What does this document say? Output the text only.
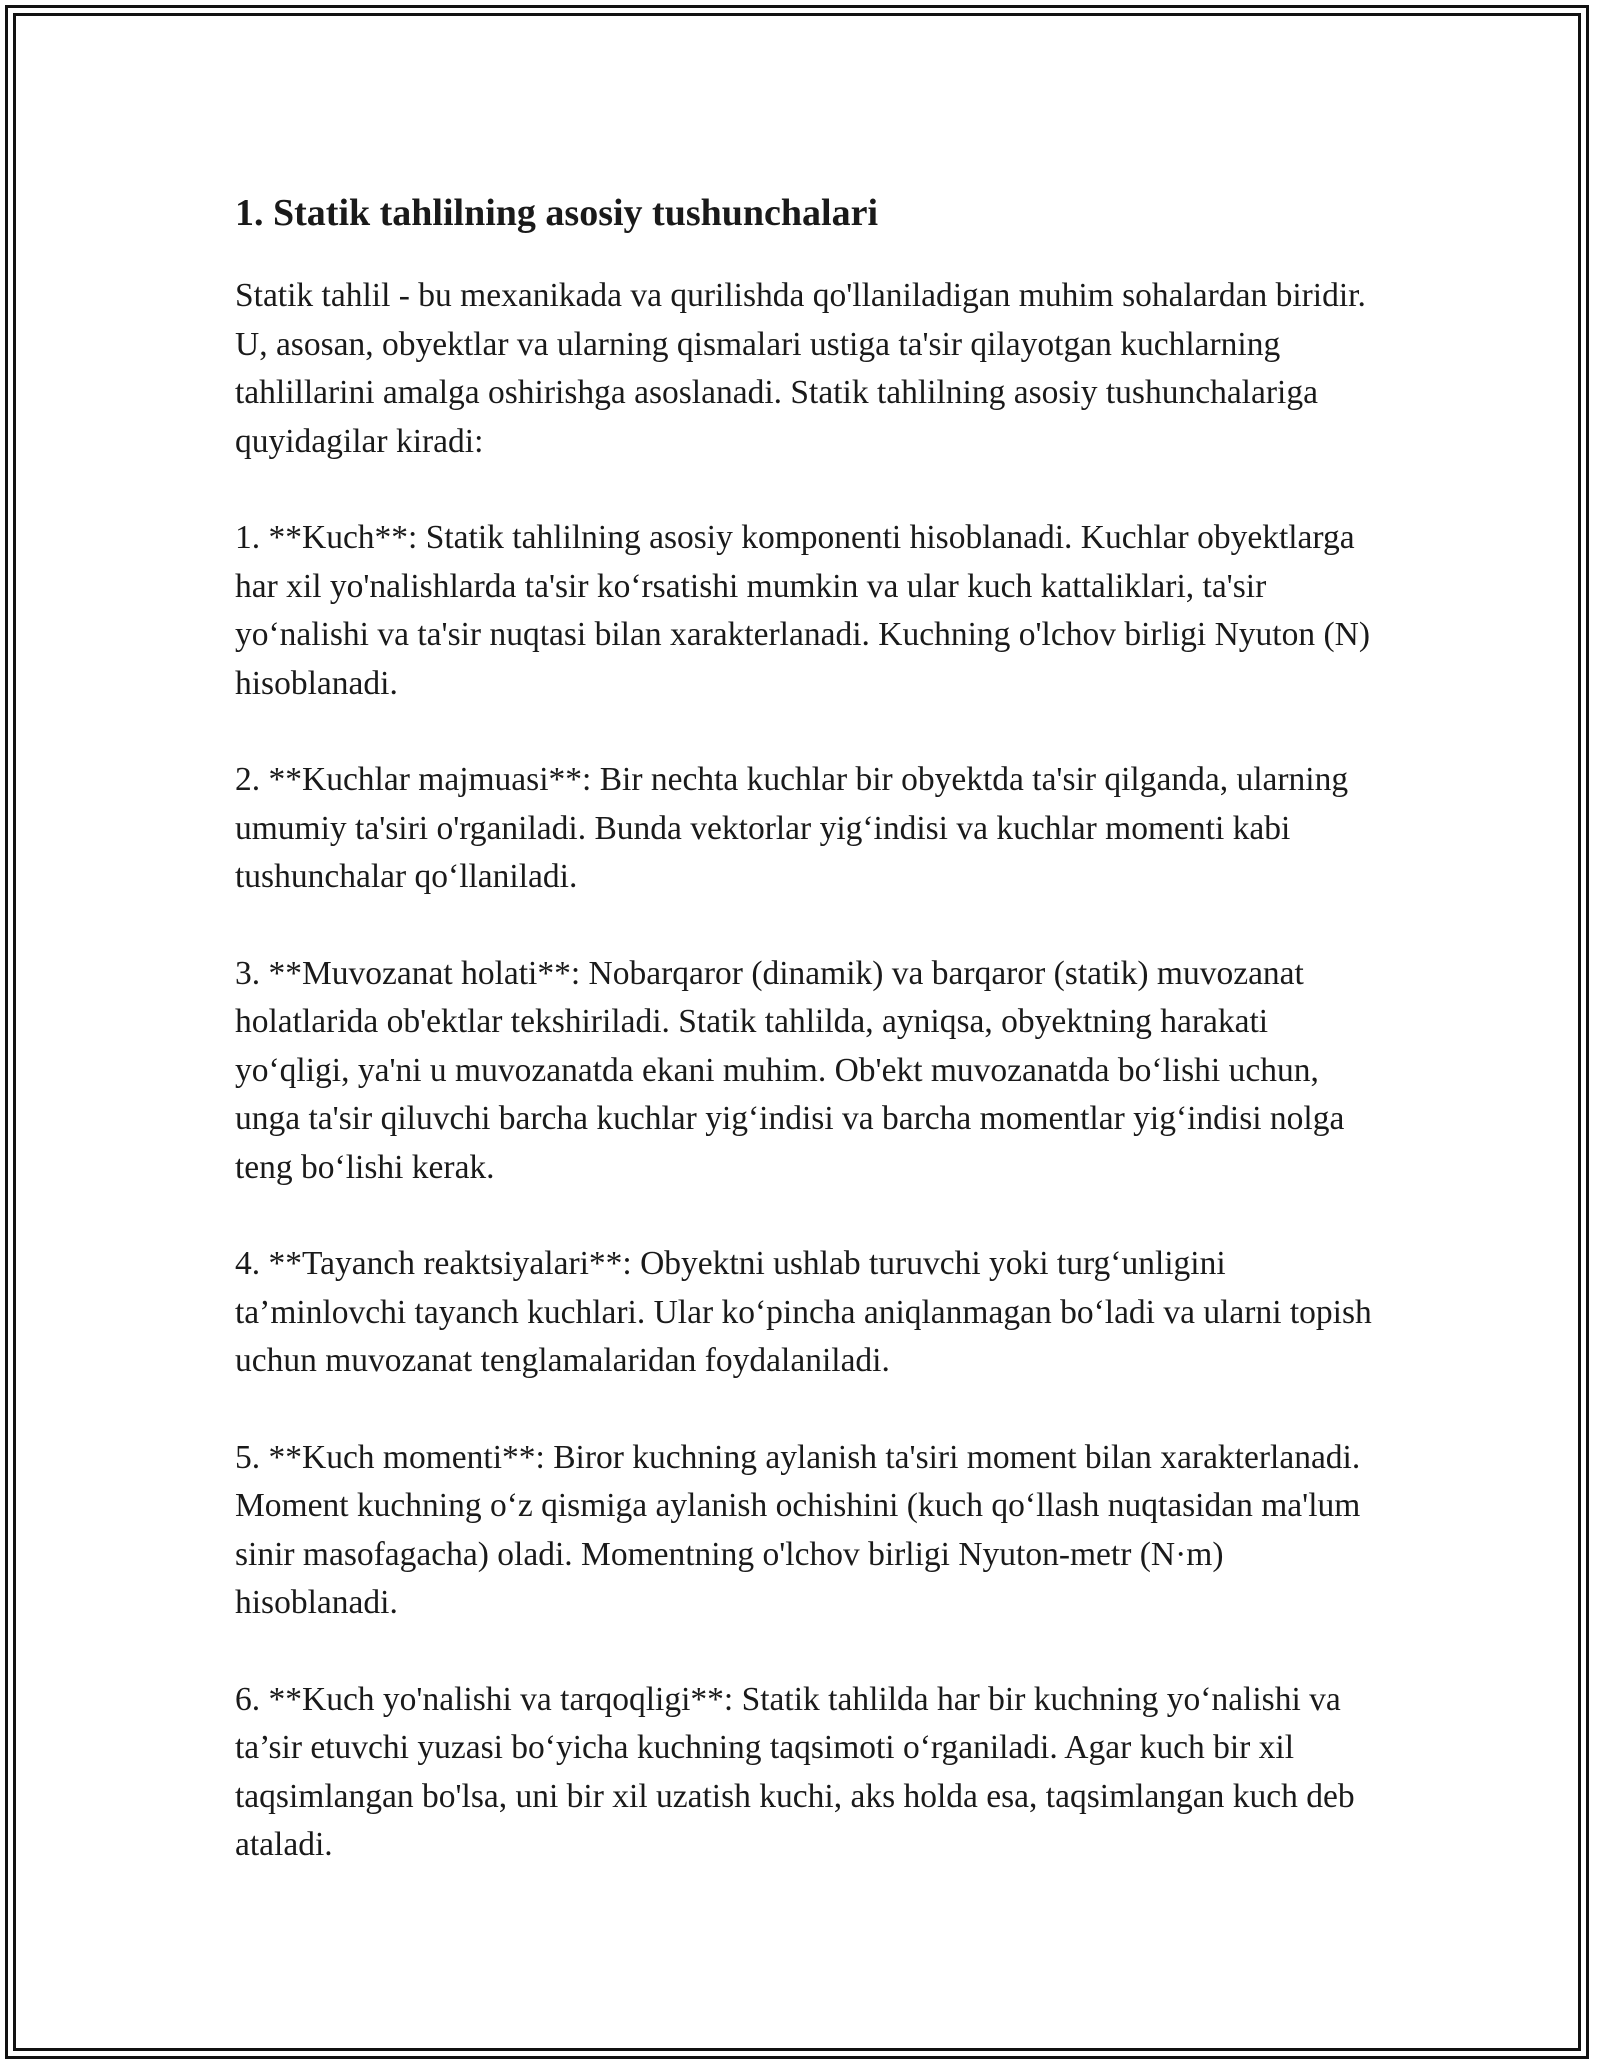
1. Statik tahlilning asosiy tushunchalari

Statik tahlil - bu mexanikada va qurilishda qo'llaniladigan muhim sohalardan biridir. U, asosan, obyektlar va ularning qismalari ustiga ta'sir qilayotgan kuchlarning tahlillarini amalga oshirishga asoslanadi. Statik tahlilning asosiy tushunchalariga quyidagilar kiradi:

1. **Kuch**: Statik tahlilning asosiy komponenti hisoblanadi. Kuchlar obyektlarga har xil yo'nalishlarda ta'sir ko‘rsatishi mumkin va ular kuch kattaliklari, ta'sir yo‘nalishi va ta'sir nuqtasi bilan xarakterlanadi. Kuchning o'lchov birligi Nyuton (N) hisoblanadi.

2. **Kuchlar majmuasi**: Bir nechta kuchlar bir obyektda ta'sir qilganda, ularning umumiy ta'siri o'rganiladi. Bunda vektorlar yig‘indisi va kuchlar momenti kabi tushunchalar qo‘llaniladi.

3. **Muvozanat holati**: Nobarqaror (dinamik) va barqaror (statik) muvozanat holatlarida ob'ektlar tekshiriladi. Statik tahlilda, ayniqsa, obyektning harakati yo‘qligi, ya'ni u muvozanatda ekani muhim. Ob'ekt muvozanatda bo‘lishi uchun, unga ta'sir qiluvchi barcha kuchlar yig‘indisi va barcha momentlar yig‘indisi nolga teng bo‘lishi kerak.

4. **Tayanch reaktsiyalari**: Obyektni ushlab turuvchi yoki turg‘unligini ta’minlovchi tayanch kuchlari. Ular ko‘pincha aniqlanmagan bo‘ladi va ularni topish uchun muvozanat tenglamalaridan foydalaniladi.

5. **Kuch momenti**: Biror kuchning aylanish ta'siri moment bilan xarakterlanadi. Moment kuchning o‘z qismiga aylanish ochishini (kuch qo‘llash nuqtasidan ma'lum sinir masofagacha) oladi. Momentning o'lchov birligi Nyuton-metr (N·m) hisoblanadi.

6. **Kuch yo'nalishi va tarqoqligi**: Statik tahlilda har bir kuchning yo‘nalishi va ta’sir etuvchi yuzasi bo‘yicha kuchning taqsimoti o‘rganiladi. Agar kuch bir xil taqsimlangan bo'lsa, uni bir xil uzatish kuchi, aks holda esa, taqsimlangan kuch deb ataladi.
